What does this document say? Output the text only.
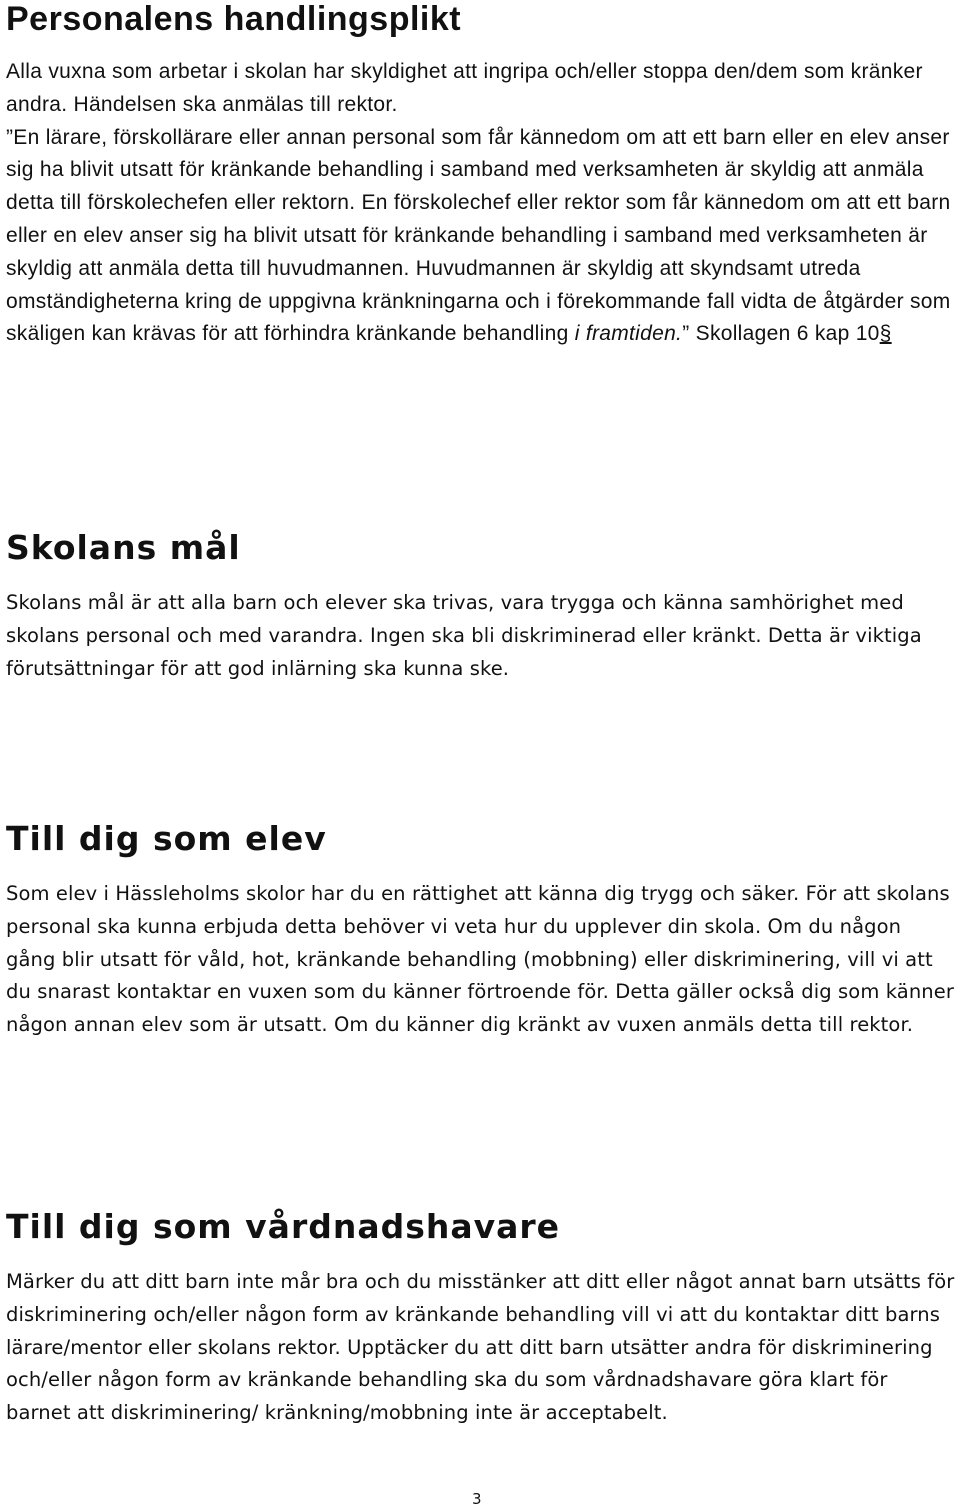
Personalens handlingsplikt

Alla vuxna som arbetar i skolan har skyldighet att ingripa och/eller stoppa den/dem som kränker andra. Händelsen ska anmälas till rektor.

”En lärare, förskollärare eller annan personal som får kännedom om att ett barn eller en elev anser sig ha blivit utsatt för kränkande behandling i samband med verksamheten är skyldig att anmäla detta till förskolechefen eller rektorn. En förskolechef eller rektor som får kännedom om att ett barn eller en elev anser sig ha blivit utsatt för kränkande behandling i samband med verksamheten är skyldig att anmäla detta till huvudmannen. Huvudmannen är skyldig att skyndsamt utreda omständigheterna kring de uppgivna kränkningarna och i förekommande fall vidta de åtgärder som skäligen kan krävas för att förhindra kränkande behandling i framtiden.” Skollagen 6 kap 10§

Skolans mål

Skolans mål är att alla barn och elever ska trivas, vara trygga och känna samhörighet med skolans personal och med varandra. Ingen ska bli diskriminerad eller kränkt. Detta är viktiga förutsättningar för att god inlärning ska kunna ske.

Till dig som elev

Som elev i Hässleholms skolor har du en rättighet att känna dig trygg och säker. För att skolans personal ska kunna erbjuda detta behöver vi veta hur du upplever din skola. Om du någon gång blir utsatt för våld, hot, kränkande behandling (mobbning) eller diskriminering, vill vi att du snarast kontaktar en vuxen som du känner förtroende för. Detta gäller också dig som känner någon annan elev som är utsatt. Om du känner dig kränkt av vuxen anmäls detta till rektor.

Till dig som vårdnadshavare

Märker du att ditt barn inte mår bra och du misstänker att ditt eller något annat barn utsätts för diskriminering och/eller någon form av kränkande behandling vill vi att du kontaktar ditt barns lärare/mentor eller skolans rektor. Upptäcker du att ditt barn utsätter andra för diskriminering och/eller någon form av kränkande behandling ska du som vårdnadshavare göra klart för barnet att diskriminering/ kränkning/mobbning inte är acceptabelt.

3
